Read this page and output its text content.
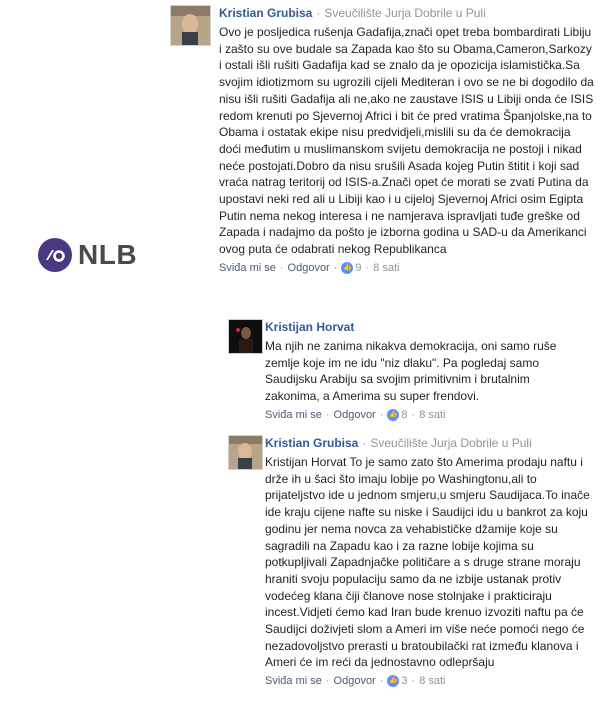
NLB
Kristian Grubisa · Sveučilište Jurja Dobrile u Puli
Ovo je posljedica rušenja Gadafija,znači opet treba bombardirati Libiju i zašto su ove budale sa Zapada kao što su Obama,Cameron,Sarkozy i ostali išli rušiti Gadafija kad se znalo da je opozicija islamistička.Sa svojim idiotizmom su ugrozili cijeli Mediteran i ovo se ne bi dogodilo da nisu išli rušiti Gadafija ali ne,ako ne zaustave ISIS u Libiji onda će ISIS redom krenuti po Sjevernoj Africi i bit će pred vratima Španjolske,na to Obama i ostatak ekipe nisu predvidjeli,mislili su da će demokracija doći međutim u muslimanskom svijetu demokracija ne postoji i nikad neće postojati.Dobro da nisu srušili Asada kojeg Putin štitit i koji sad vraća natrag teritorij od ISIS-a.Znači opet će morati se zvati Putina da upostavi neki red ali u Libiji kao i u cijeloj Sjevernoj Africi osim Egipta Putin nema nekog interesa i ne namjerava ispravljati tuđe greške od Zapada i nadajmo da pošto je izborna godina u SAD-u da Amerikanci ovog puta će odabrati nekog Republikanca
Sviđa mi se · Odgovor · 👍 9 · 8 sati
Kristijan Horvat
Ma njih ne zanima nikakva demokracija, oni samo ruše zemlje koje im ne idu "niz dlaku". Pa pogledaj samo Saudijsku Arabiju sa svojim primitivnim i brutalnim zakonima, a Amerima su super frendovi.
Sviđa mi se · Odgovor · 👍 8 · 8 sati
Kristian Grubisa · Sveučilište Jurja Dobrile u Puli
Kristijan Horvat To je samo zato što Amerima prodaju naftu i drže ih u šaci što imaju lobije po Washingtonu,ali to prijateljstvo ide u jednom smjeru,u smjeru Saudijaca.To inače ide kraju cijene nafte su niske i Saudijci idu u bankrot za koju godinu jer nema novca za vehabističke džamije koje su sagradili na Zapadu kao i za razne lobije kojima su potkupljivali Zapadnjačke političare a s druge strane moraju hraniti svoju populaciju samo da ne izbije ustanak protiv vodećeg klana čiji članove nose stolnjake i prakticiraju incest.Vidjeti ćemo kad Iran bude krenuo izvoziti naftu pa će Saudijci doživjeti slom a Ameri im više neće pomoći nego će nezadovoljstvo prerasti u bratoubilački rat između klanova i Ameri će im reći da jednostavno odlepršaju
Sviđa mi se · Odgovor · 👍 3 · 8 sati
